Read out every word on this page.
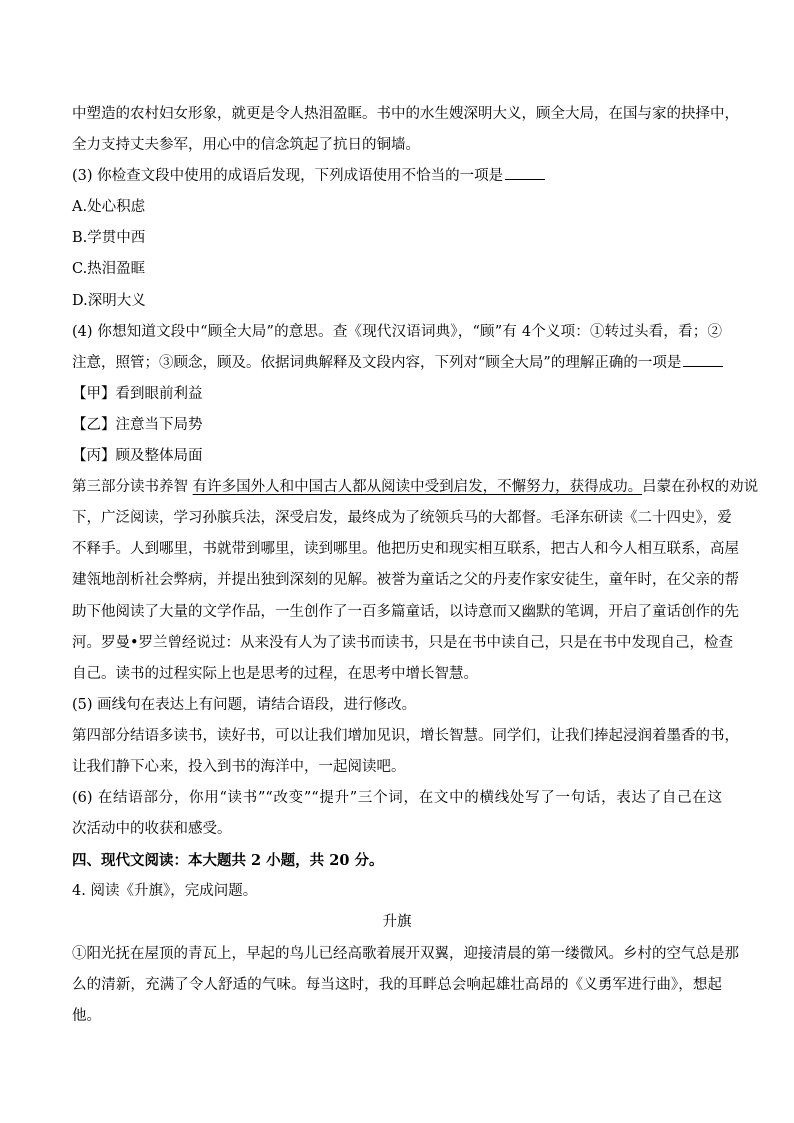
中塑造的农村妇女形象，就更是令人热泪盈眶。书中的水生嫂深明大义，顾全大局，在国与家的抉择中，
全力支持丈夫参军，用心中的信念筑起了抗日的铜墙。
(3) 你检查文段中使用的成语后发现，下列成语使用不恰当的一项是
A.处心积虑
B.学贯中西
C.热泪盈眶
D.深明大义
(4) 你想知道文段中“顾全大局”的意思。查《现代汉语词典》，“顾”有 4个义项：①转过头看，看；②
注意，照管；③顾念，顾及。依据词典解释及文段内容，下列对“顾全大局”的理解正确的一项是
【甲】看到眼前利益
【乙】注意当下局势
【丙】顾及整体局面
第三部分读书养智 有许多国外人和中国古人都从阅读中受到启发，不懈努力，获得成功。吕蒙在孙权的劝说
下，广泛阅读，学习孙膑兵法，深受启发，最终成为了统领兵马的大都督。毛泽东研读《二十四史》，爱
不释手。人到哪里，书就带到哪里，读到哪里。他把历史和现实相互联系，把古人和今人相互联系，高屋
建瓴地剖析社会弊病，并提出独到深刻的见解。被誉为童话之父的丹麦作家安徒生，童年时，在父亲的帮
助下他阅读了大量的文学作品，一生创作了一百多篇童话，以诗意而又幽默的笔调，开启了童话创作的先
河。罗曼•罗兰曾经说过：从来没有人为了读书而读书，只是在书中读自己，只是在书中发现自己，检查
自己。读书的过程实际上也是思考的过程，在思考中增长智慧。
(5) 画线句在表达上有问题，请结合语段，进行修改。
第四部分结语多读书，读好书，可以让我们增加见识，增长智慧。同学们，让我们捧起浸润着墨香的书，
让我们静下心来，投入到书的海洋中，一起阅读吧。
(6) 在结语部分，你用“读书”“改变”“提升”三个词，在文中的横线处写了一句话，表达了自己在这
次活动中的收获和感受。
四、现代文阅读：本大题共 2 小题，共 20 分。
4. 阅读《升旗》，完成问题。
升旗
①阳光抚在屋顶的青瓦上，早起的鸟儿已经高歌着展开双翼，迎接清晨的第一缕微风。乡村的空气总是那
么的清新，充满了令人舒适的气味。每当这时，我的耳畔总会响起雄壮高昂的《义勇军进行曲》，想起
他。
